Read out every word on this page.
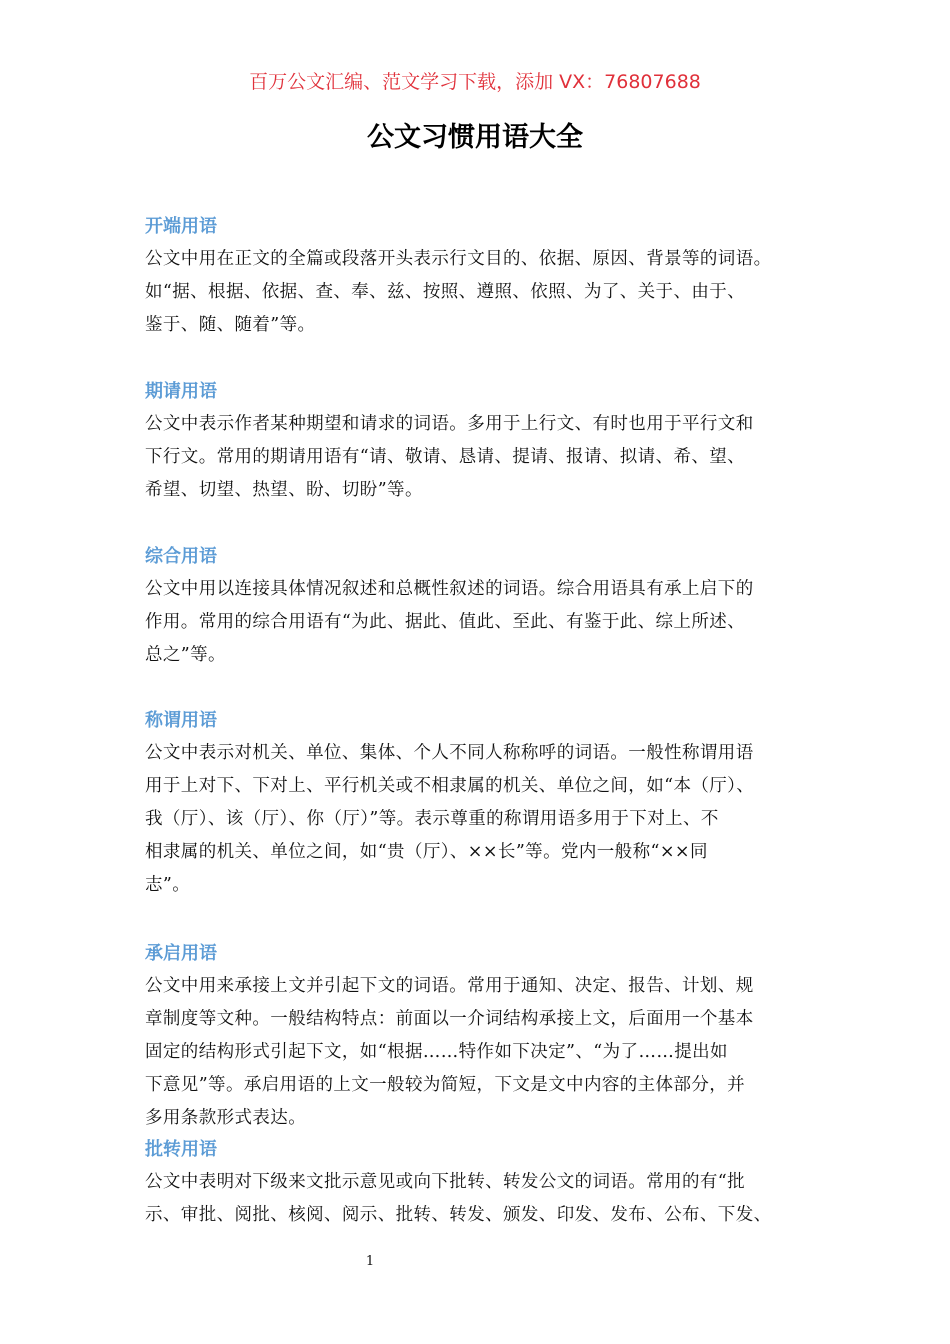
百万公文汇编、范文学习下载，添加 VX：76807688
公文习惯用语大全
开端用语
公文中用在正文的全篇或段落开头表示行文目的、依据、原因、背景等的词语。
如“据、根据、依据、查、奉、兹、按照、遵照、依照、为了、关于、由于、
鉴于、随、随着”等。
期请用语
公文中表示作者某种期望和请求的词语。多用于上行文、有时也用于平行文和
下行文。常用的期请用语有“请、敬请、恳请、提请、报请、拟请、希、望、
希望、切望、热望、盼、切盼”等。
综合用语
公文中用以连接具体情况叙述和总概性叙述的词语。综合用语具有承上启下的
作用。常用的综合用语有“为此、据此、值此、至此、有鉴于此、综上所述、
总之”等。
称谓用语
公文中表示对机关、单位、集体、个人不同人称称呼的词语。一般性称谓用语
用于上对下、下对上、平行机关或不相隶属的机关、单位之间，如“本（厅）、
我（厅）、该（厅）、你（厅）”等。表示尊重的称谓用语多用于下对上、不
相隶属的机关、单位之间，如“贵（厅）、××长”等。党内一般称“××同
志”。
承启用语
公文中用来承接上文并引起下文的词语。常用于通知、决定、报告、计划、规
章制度等文种。一般结构特点：前面以一介词结构承接上文，后面用一个基本
固定的结构形式引起下文，如“根据……特作如下决定”、“为了……提出如
下意见”等。承启用语的上文一般较为简短，下文是文中内容的主体部分，并
多用条款形式表达。
批转用语
公文中表明对下级来文批示意见或向下批转、转发公文的词语。常用的有“批
示、审批、阅批、核阅、阅示、批转、转发、颁发、印发、发布、公布、下发、
1
